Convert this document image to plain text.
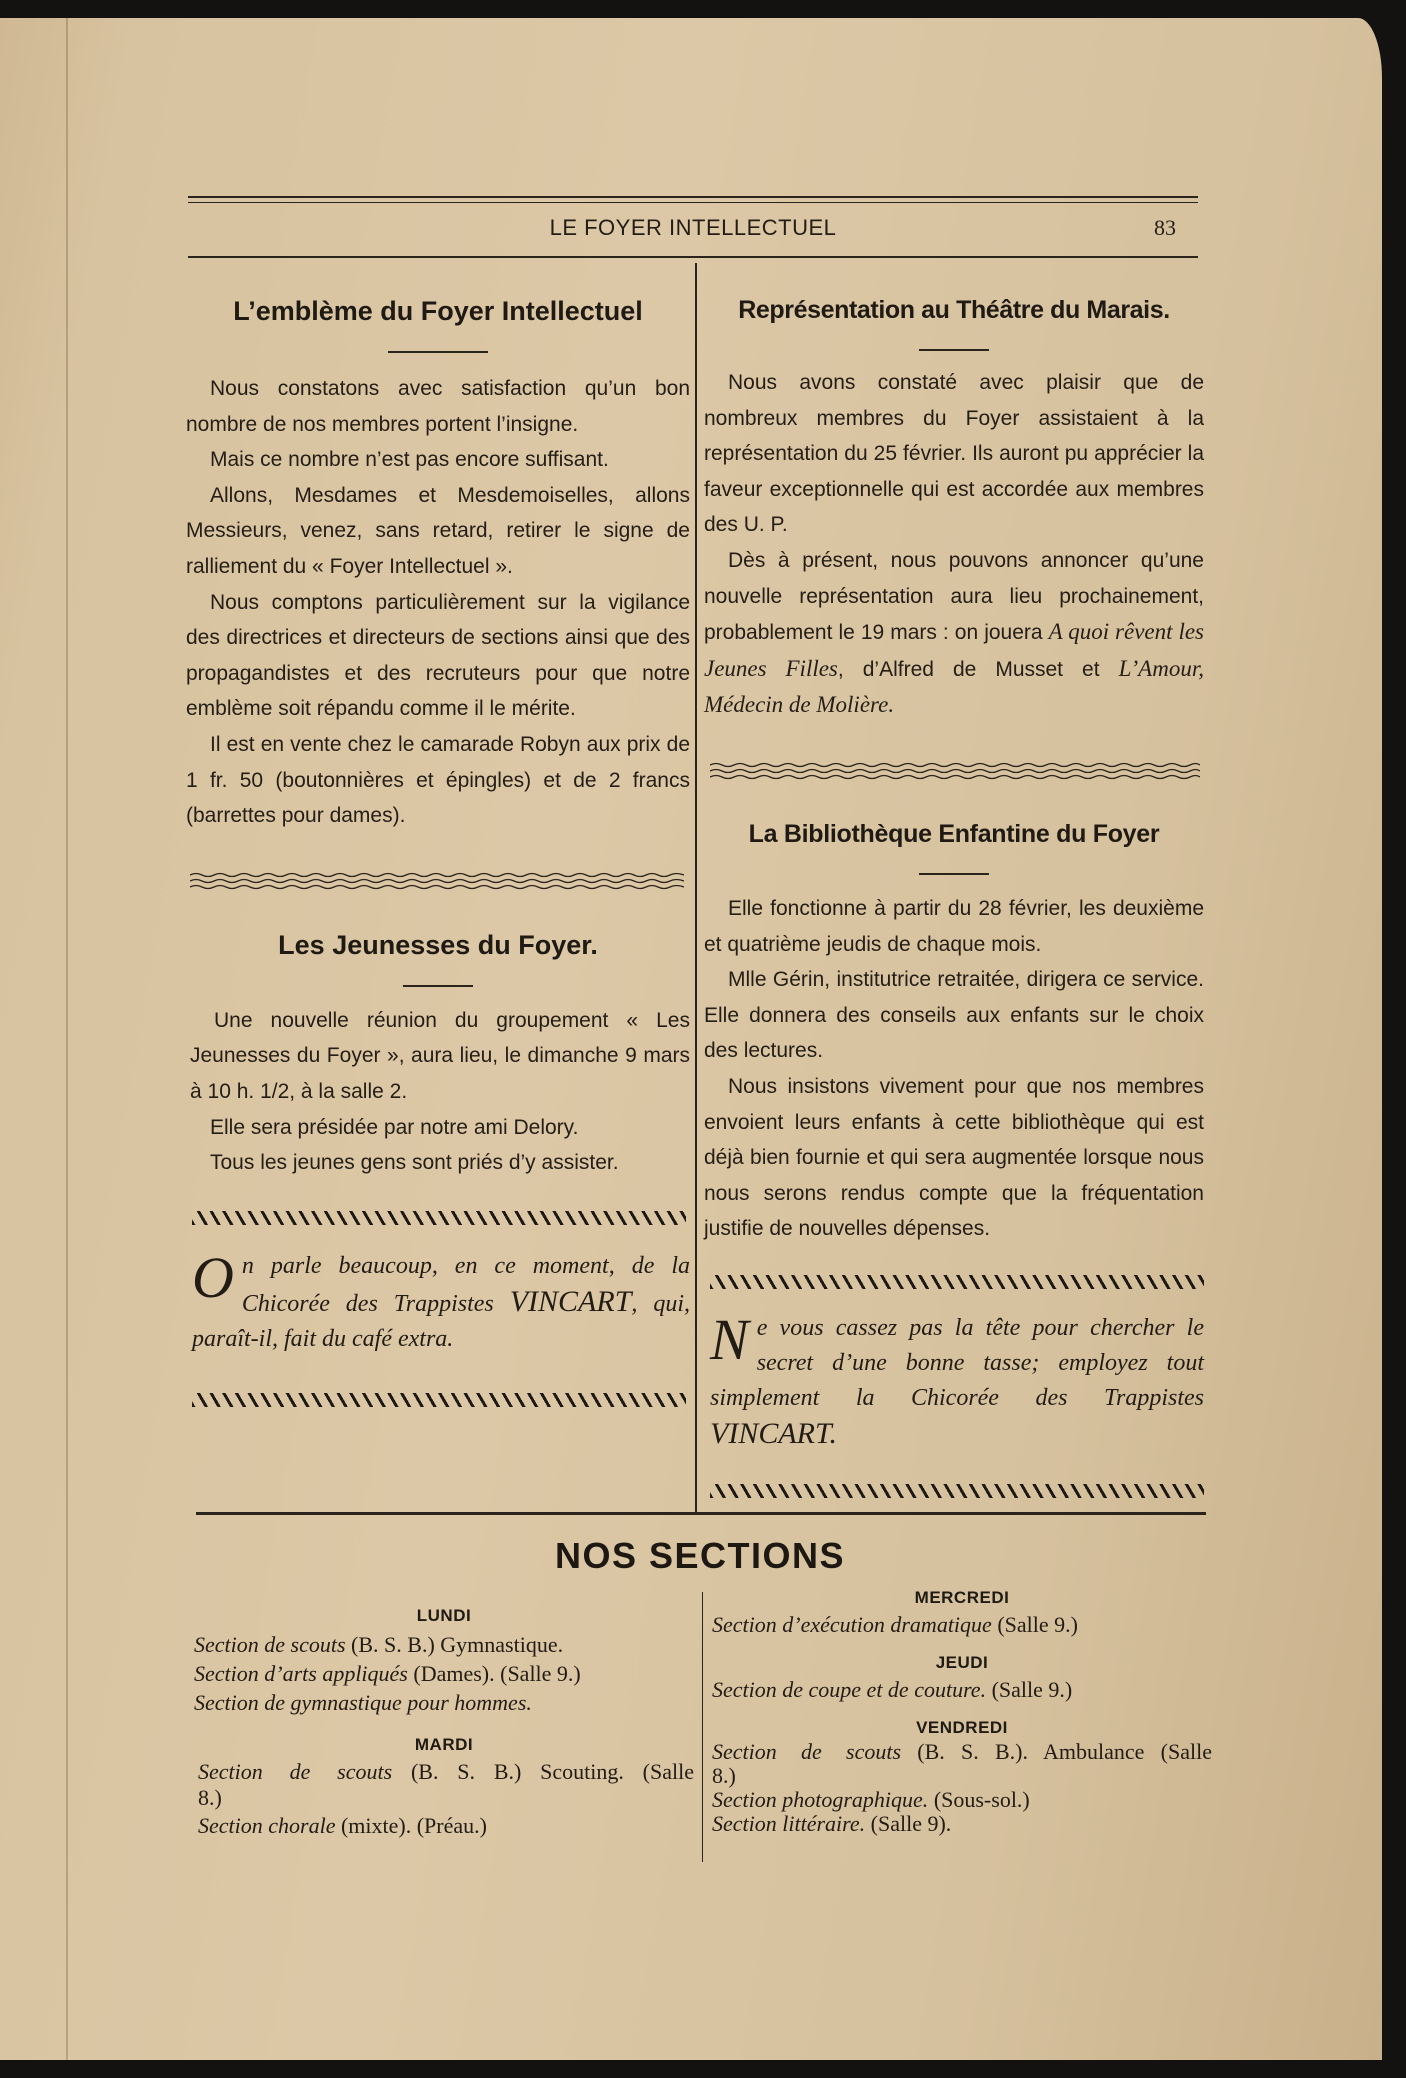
LE FOYER INTELLECTUEL	83
L’emblème du Foyer Intellectuel

Nous constatons avec satisfaction qu’un bon nombre de nos membres portent l’insigne.

Mais ce nombre n’est pas encore suffisant.

Allons, Mesdames et Mesdemoiselles, allons Messieurs, venez, sans retard, retirer le signe de ralliement du « Foyer Intellectuel ».

Nous comptons particulièrement sur la vigilance des directrices et directeurs de sections ainsi que des propagandistes et des recruteurs pour que notre emblème soit répandu comme il le mérite.

Il est en vente chez le camarade Robyn aux prix de 1 fr. 50 (boutonnières et épingles) et de 2 francs (barrettes pour dames).

Les Jeunesses du Foyer.

Une nouvelle réunion du groupement « Les Jeunesses du Foyer », aura lieu, le dimanche 9 mars à 10 h. 1/2, à la salle 2.

Elle sera présidée par notre ami Delory.

Tous les jeunes gens sont priés d’y assister.

On parle beaucoup, en ce moment, de la Chicorée des Trappistes VINCART, qui, paraît-il, fait du café extra.

Représentation au Théâtre du Marais.

Nous avons constaté avec plaisir que de nombreux membres du Foyer assistaient à la représentation du 25 février. Ils auront pu apprécier la faveur exceptionnelle qui est accordée aux membres des U. P.

Dès à présent, nous pouvons annoncer qu’une nouvelle représentation aura lieu prochainement, probablement le 19 mars : on jouera A quoi rêvent les Jeunes Filles, d’Alfred de Musset et L’Amour, Médecin de Molière.

La Bibliothèque Enfantine du Foyer

Elle fonctionne à partir du 28 février, les deuxième et quatrième jeudis de chaque mois.

Mlle Gérin, institutrice retraitée, dirigera ce service. Elle donnera des conseils aux enfants sur le choix des lectures.

Nous insistons vivement pour que nos membres envoient leurs enfants à cette bibliothèque qui est déjà bien fournie et qui sera augmentée lorsque nous nous serons rendus compte que la fréquentation justifie de nouvelles dépenses.

Ne vous cassez pas la tête pour chercher le secret d’une bonne tasse; employez tout simplement la Chicorée des Trappistes VINCART.

NOS SECTIONS
LUNDI
Section de scouts (B. S. B.) Gymnastique.
Section d’arts appliqués (Dames). (Salle 9.)
Section de gymnastique pour hommes.
MARDI
Section de scouts (B. S. B.) Scouting. (Salle 8.)
Section chorale (mixte). (Préau.)
MERCREDI
Section d’exécution dramatique (Salle 9.)
JEUDI
Section de coupe et de couture. (Salle 9.)
VENDREDI
Section de scouts (B. S. B.). Ambulance (Salle 8.)
Section photographique. (Sous-sol.)
Section littéraire. (Salle 9).
